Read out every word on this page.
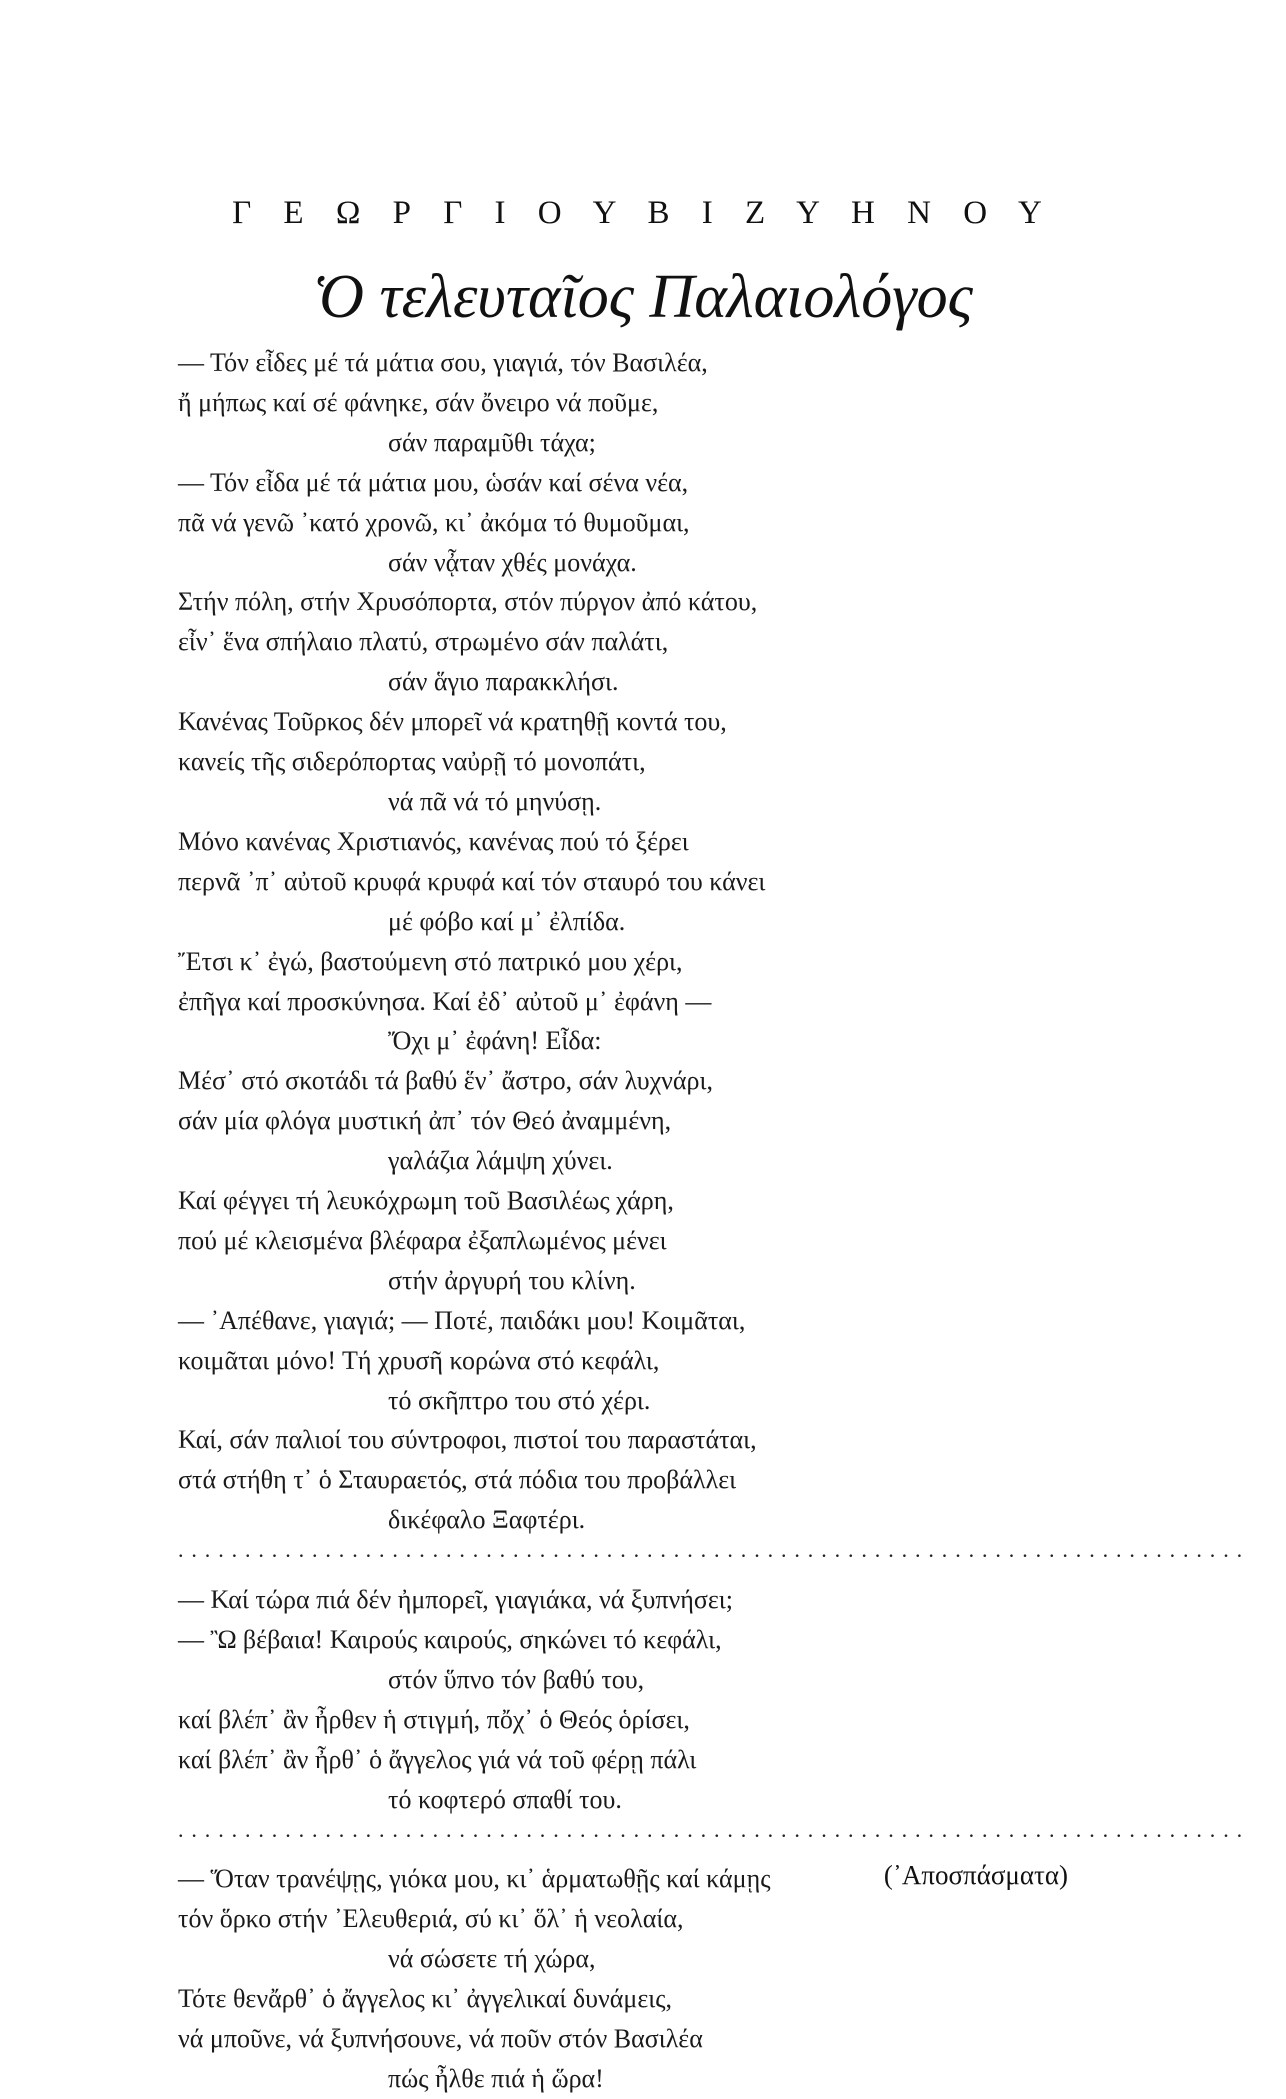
Γ Ε Ω Ρ Γ Ι Ο Υ Β Ι Ζ Υ Η Ν Ο Υ
Ὁ τελευταῖος Παλαιολόγος
— Τόν εἶδες μέ τά μάτια σου, γιαγιά, τόν Βασιλέα,
ἤ μήπως καί σέ φάνηκε, σάν ὄνειρο νά ποῦμε,
σάν παραμῦθι τάχα;
— Τόν εἶδα μέ τά μάτια μου, ὡσάν καί σένα νέα,
πᾶ νά γενῶ ᾽κατό χρονῶ, κι᾽ ἀκόμα τό θυμοῦμαι,
σάν νᾆταν χθές μονάχα.
Στήν πόλη, στήν Χρυσόπορτα, στόν πύργον ἀπό κάτου,
εἶν᾽ ἕνα σπήλαιο πλατύ, στρωμένο σάν παλάτι,
σάν ἅγιο παρακκλήσι.
Κανένας Τοῦρκος δέν μπορεῖ νά κρατηθῇ κοντά του,
κανείς τῆς σιδερόπορτας ναὐρῇ τό μονοπάτι,
νά πᾶ νά τό μηνύσῃ.
Μόνο κανένας Χριστιανός, κανένας πού τό ξέρει
περνᾶ ᾽π᾽ αὐτοῦ κρυφά κρυφά καί τόν σταυρό του κάνει
μέ φόβο καί μ᾽ ἐλπίδα.
Ἔτσι κ᾽ ἐγώ, βαστούμενη στό πατρικό μου χέρι,
ἐπῆγα καί προσκύνησα. Καί ἐδ᾽ αὐτοῦ μ᾽ ἐφάνη —
Ὄχι μ᾽ ἐφάνη! Εἶδα:
Μέσ᾽ στό σκοτάδι τά βαθύ ἕν᾽ ἄστρο, σάν λυχνάρι,
σάν μία φλόγα μυστική ἀπ᾽ τόν Θεό ἀναμμένη,
γαλάζια λάμψη χύνει.
Καί φέγγει τή λευκόχρωμη τοῦ Βασιλέως χάρη,
πού μέ κλεισμένα βλέφαρα ἐξαπλωμένος μένει
στήν ἀργυρή του κλίνη.
— ᾽Απέθανε, γιαγιά; — Ποτέ, παιδάκι μου! Κοιμᾶται,
κοιμᾶται μόνο! Τή χρυσῆ κορώνα στό κεφάλι,
τό σκῆπτρο του στό χέρι.
Καί, σάν παλιοί του σύντροφοι, πιστοί του παραστάται,
στά στήθη τ᾽ ὁ Σταυραετός, στά πόδια του προβάλλει
δικέφαλο Ξαφτέρι.
. . . . . . . . . . . . . . . . . . . . . . . . . . . . . . . . . . . . . . . . . . . . . . . . . . . . . . . . . . . . . . . . . . . . . . . . . . . . . . . .
— Καί τώρα πιά δέν ἠμπορεῖ, γιαγιάκα, νά ξυπνήσει;
— Ὢ βέβαια! Καιρούς καιρούς, σηκώνει τό κεφάλι,
στόν ὕπνο τόν βαθύ του,
καί βλέπ᾽ ἂν ἦρθεν ἡ στιγμή, πὄχ᾽ ὁ Θεός ὁρίσει,
καί βλέπ᾽ ἂν ἦρθ᾽ ὁ ἄγγελος γιά νά τοῦ φέρῃ πάλι
τό κοφτερό σπαθί του.
. . . . . . . . . . . . . . . . . . . . . . . . . . . . . . . . . . . . . . . . . . . . . . . . . . . . . . . . . . . . . . . . . . . . . . . . . . . . . . . .
— Ὅταν τρανέψῃς, γιόκα μου, κι᾽ ἁρματωθῇς καί κάμῃς
τόν ὅρκο στήν ᾽Ελευθεριά, σύ κι᾽ ὅλ᾽ ἡ νεολαία,
νά σώσετε τή χώρα,
Τότε θενἄρθ᾽ ὁ ἄγγελος κι᾽ ἀγγελικαί δυνάμεις,
νά μποῦνε, νά ξυπνήσουνε, νά ποῦν στόν Βασιλέα
πώς ἦλθε πιά ἡ ὥρα!
(᾽Αποσπάσματα)
